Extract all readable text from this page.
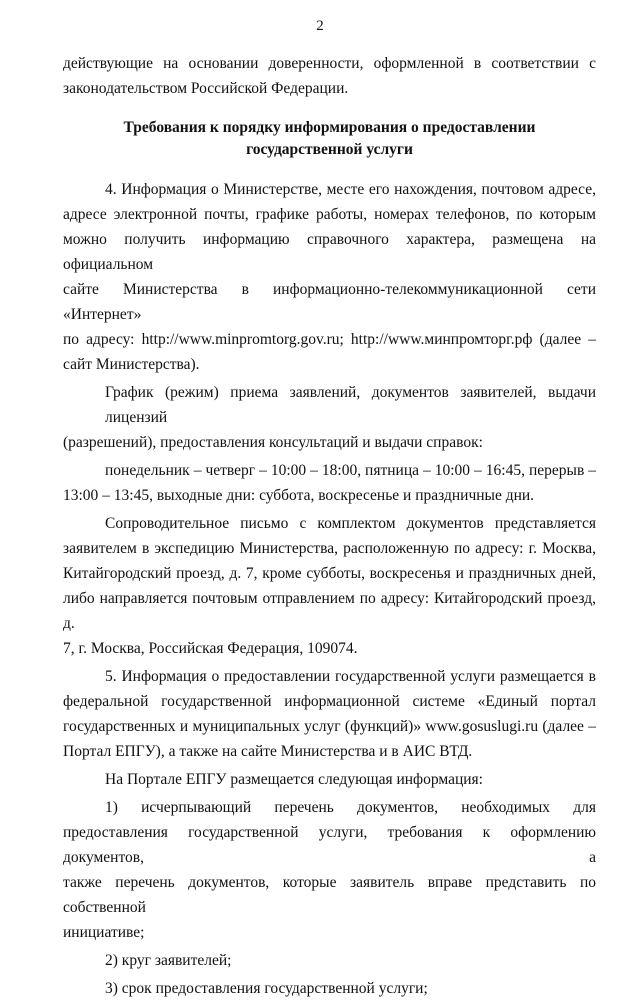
2
действующие на основании доверенности, оформленной в соответствии с
законодательством Российской Федерации.
Требования к порядку информирования о предоставлении
государственной услуги
4. Информация о Министерстве, месте его нахождения, почтовом адресе,
адресе электронной почты, графике работы, номерах телефонов, по которым
можно получить информацию справочного характера, размещена на официальном
сайте Министерства в информационно-телекоммуникационной сети «Интернет»
по адресу: http://www.minpromtorg.gov.ru; http://www.минпромторг.рф (далее –
сайт Министерства).
График (режим) приема заявлений, документов заявителей, выдачи лицензий
(разрешений), предоставления консультаций и выдачи справок:
понедельник – четверг – 10:00 – 18:00, пятница – 10:00 – 16:45, перерыв –
13:00 – 13:45, выходные дни: суббота, воскресенье и праздничные дни.
Сопроводительное письмо с комплектом документов представляется
заявителем в экспедицию Министерства, расположенную по адресу: г. Москва,
Китайгородский проезд, д. 7, кроме субботы, воскресенья и праздничных дней,
либо направляется почтовым отправлением по адресу: Китайгородский проезд, д.
7, г. Москва, Российская Федерация, 109074.
5. Информация о предоставлении государственной услуги размещается в
федеральной государственной информационной системе «Единый портал
государственных и муниципальных услуг (функций)» www.gosuslugi.ru (далее –
Портал ЕПГУ), а также на сайте Министерства и в АИС ВТД.
На Портале ЕПГУ размещается следующая информация:
1) исчерпывающий перечень документов, необходимых для
предоставления государственной услуги, требования к оформлению документов, а
также перечень документов, которые заявитель вправе представить по собственной
инициативе;
2) круг заявителей;
3) срок предоставления государственной услуги;
